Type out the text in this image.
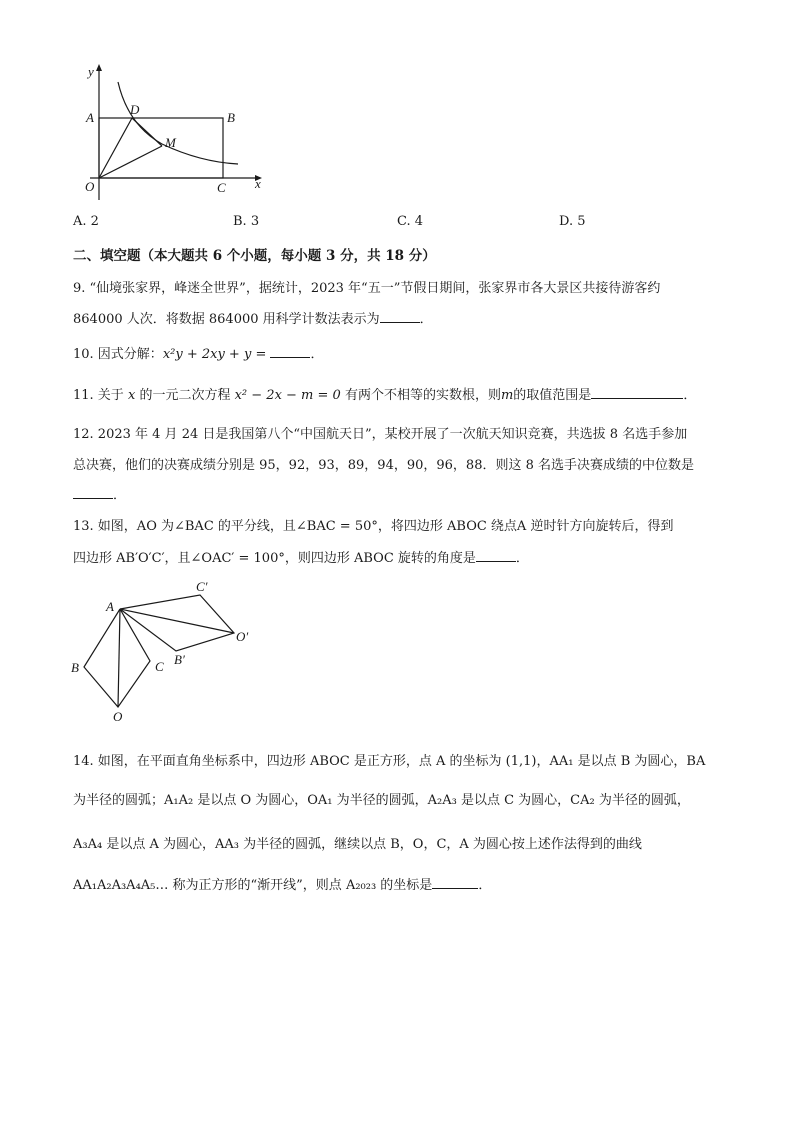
y
x
A	B
C
D
M
O
A. 2	B. 3	C. 4	D. 5
二、填空题（本大题共 6 个小题，每小题 3 分，共 18 分）
9. “仙境张家界，峰迷全世界”，据统计，2023 年“五一”节假日期间，张家界市各大景区共接待游客约
864000 人次．将数据 864000 用科学计数法表示为	．
10. 因式分解：x²y + 2xy + y =	．
11. 关于 x 的一元二次方程 x² − 2x − m = 0 有两个不相等的实数根，则m的取值范围是	．
12. 2023 年 4 月 24 日是我国第八个“中国航天日”，某校开展了一次航天知识竞赛，共选拔 8 名选手参加
总决赛，他们的决赛成绩分别是 95，92，93，89，94，90，96，88．则这 8 名选手决赛成绩的中位数是
．
13. 如图，AO 为∠BAC 的平分线，且∠BAC = 50°，将四边形 ABOC 绕点A 逆时针方向旋转后，得到
四边形 AB′O′C′，且∠OAC′ = 100°，则四边形 ABOC 旋转的角度是	．
A
B	C
O
B′
C′
O′
14. 如图，在平面直角坐标系中，四边形 ABOC 是正方形，点 A 的坐标为 (1,1)，AA₁ 是以点 B 为圆心，BA
为半径的圆弧；A₁A₂ 是以点 O 为圆心，OA₁ 为半径的圆弧，A₂A₃ 是以点 C 为圆心，CA₂ 为半径的圆弧，
A₃A₄ 是以点 A 为圆心，AA₃ 为半径的圆弧，继续以点 B，O，C，A 为圆心按上述作法得到的曲线
AA₁A₂A₃A₄A₅… 称为正方形的“渐开线”，则点 A₂₀₂₃ 的坐标是	．
